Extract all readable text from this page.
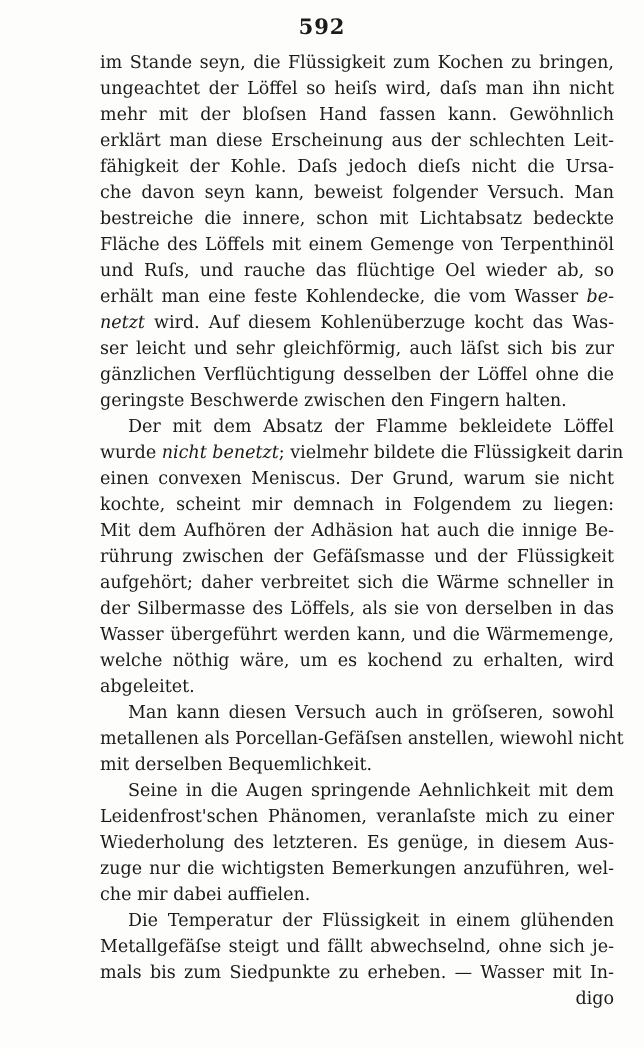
592
im Stande seyn, die Flüssigkeit zum Kochen zu bringen,
ungeachtet der Löffel so heiſs wird, daſs man ihn nicht
mehr mit der bloſsen Hand fassen kann. Gewöhnlich
erklärt man diese Erscheinung aus der schlechten Leit-
fähigkeit der Kohle. Daſs jedoch dieſs nicht die Ursa-
che davon seyn kann, beweist folgender Versuch. Man
bestreiche die innere, schon mit Lichtabsatz bedeckte
Fläche des Löffels mit einem Gemenge von Terpenthinöl
und Ruſs, und rauche das flüchtige Oel wieder ab, so
erhält man eine feste Kohlendecke, die vom Wasser be-
netzt wird. Auf diesem Kohlenüberzuge kocht das Was-
ser leicht und sehr gleichförmig, auch läſst sich bis zur
gänzlichen Verflüchtigung desselben der Löffel ohne die
geringste Beschwerde zwischen den Fingern halten.
Der mit dem Absatz der Flamme bekleidete Löffel
wurde nicht benetzt; vielmehr bildete die Flüssigkeit darin
einen convexen Meniscus. Der Grund, warum sie nicht
kochte, scheint mir demnach in Folgendem zu liegen:
Mit dem Aufhören der Adhäsion hat auch die innige Be-
rührung zwischen der Gefäſsmasse und der Flüssigkeit
aufgehört; daher verbreitet sich die Wärme schneller in
der Silbermasse des Löffels, als sie von derselben in das
Wasser übergeführt werden kann, und die Wärmemenge,
welche nöthig wäre, um es kochend zu erhalten, wird
abgeleitet.
Man kann diesen Versuch auch in gröſseren, sowohl
metallenen als Porcellan-Gefäſsen anstellen, wiewohl nicht
mit derselben Bequemlichkeit.
Seine in die Augen springende Aehnlichkeit mit dem
Leidenfrost'schen Phänomen, veranlaſste mich zu einer
Wiederholung des letzteren. Es genüge, in diesem Aus-
zuge nur die wichtigsten Bemerkungen anzuführen, wel-
che mir dabei auffielen.
Die Temperatur der Flüssigkeit in einem glühenden
Metallgefäſse steigt und fällt abwechselnd, ohne sich je-
mals bis zum Siedpunkte zu erheben. — Wasser mit In-
digo
